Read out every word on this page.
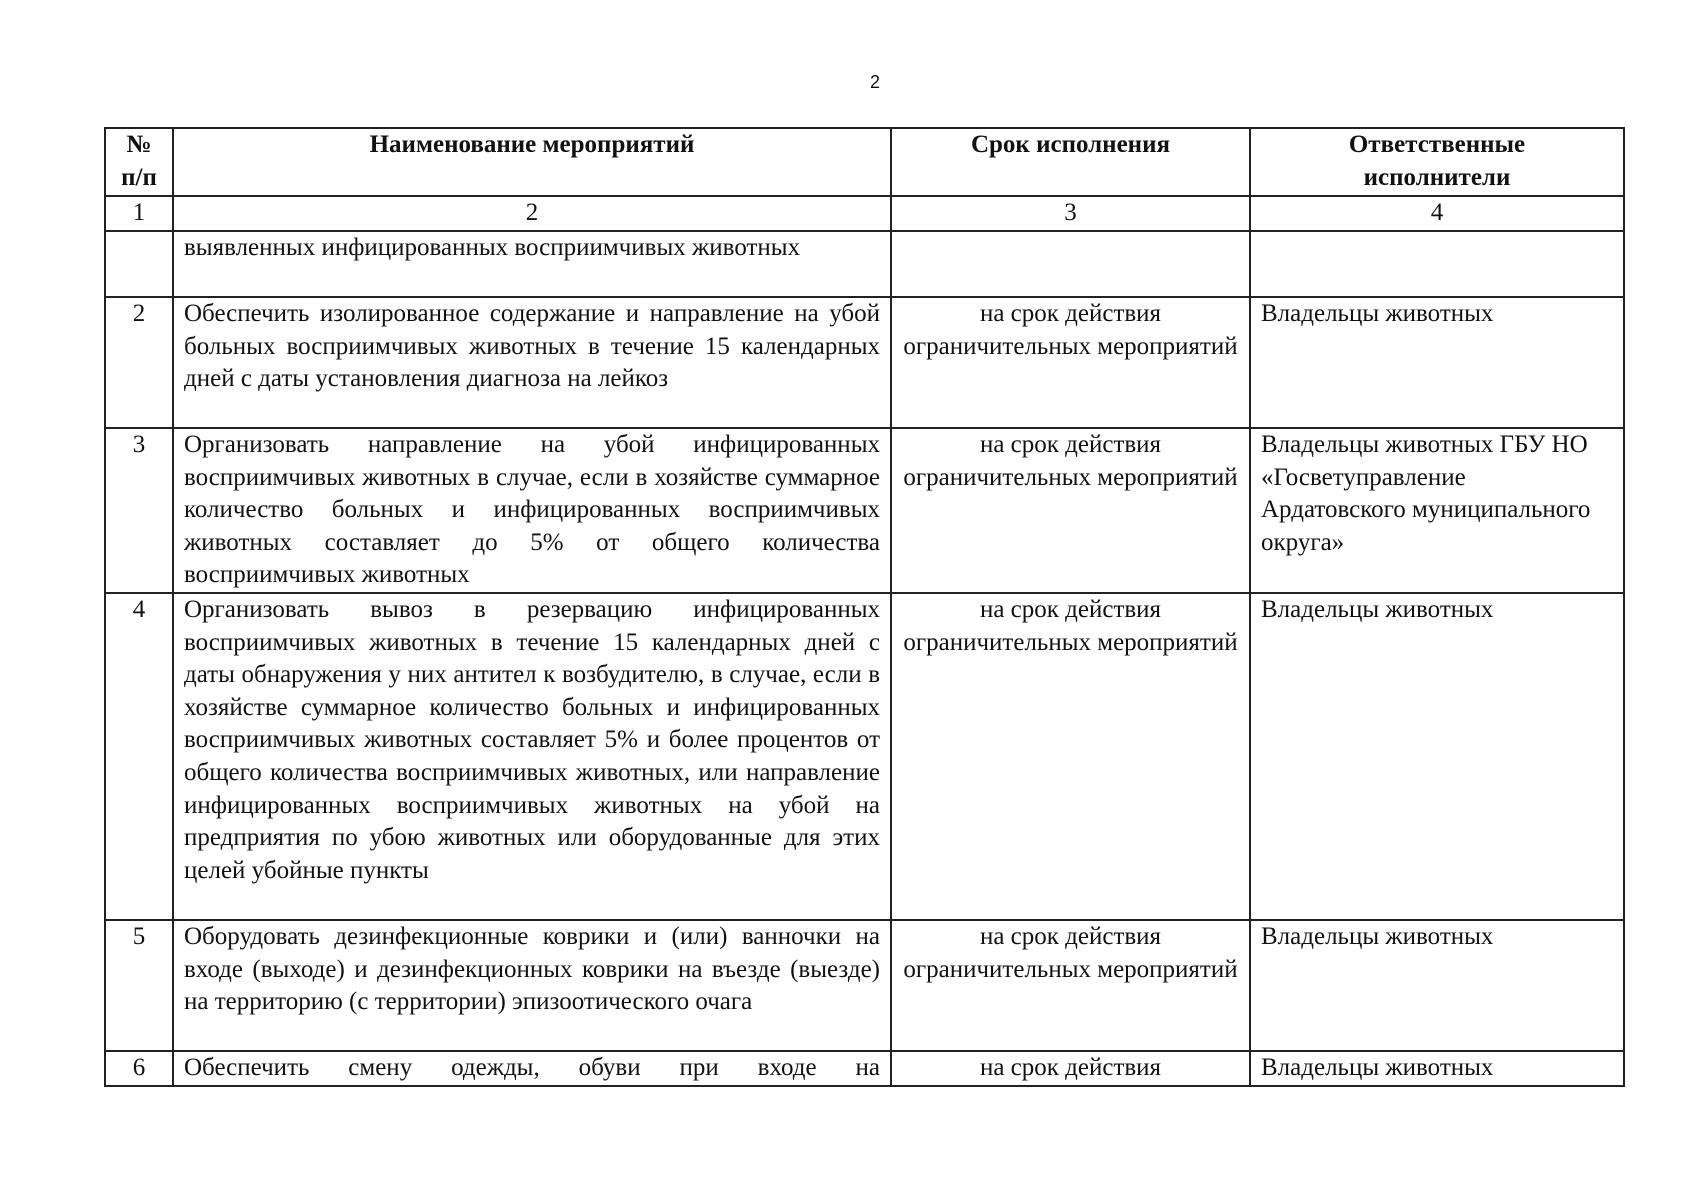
2
№
п/п	Наименование мероприятий	Срок исполнения	Ответственные исполнители
1	2	3	4
	выявленных инфицированных восприимчивых животных		
2	Обеспечить изолированное содержание и направление на убой больных восприимчивых животных в течение 15 календарных дней с даты установления диагноза на лейкоз	на срок действия ограничительных мероприятий	Владельцы животных
3	Организовать направление на убой инфицированных восприимчивых животных в случае, если в хозяйстве суммарное количество больных и инфицированных восприимчивых животных составляет до 5% от общего количества восприимчивых животных	на срок действия ограничительных мероприятий	Владельцы животных ГБУ НО «Госветуправление Ардатовского муниципального округа»
4	Организовать вывоз в резервацию инфицированных восприимчивых животных в течение 15 календарных дней с даты обнаружения у них антител к возбудителю, в случае, если в хозяйстве суммарное количество больных и инфицированных восприимчивых животных составляет 5% и более процентов от общего количества восприимчивых животных, или направление инфицированных восприимчивых животных на убой на предприятия по убою животных или оборудованные для этих целей убойные пункты	на срок действия ограничительных мероприятий	Владельцы животных
5	Оборудовать дезинфекционные коврики и (или) ванночки на входе (выходе) и дезинфекционных коврики на въезде (выезде) на территорию (с территории) эпизоотического очага	на срок действия ограничительных мероприятий	Владельцы животных
6	Обеспечить смену одежды, обуви при входе на	на срок действия	Владельцы животных
